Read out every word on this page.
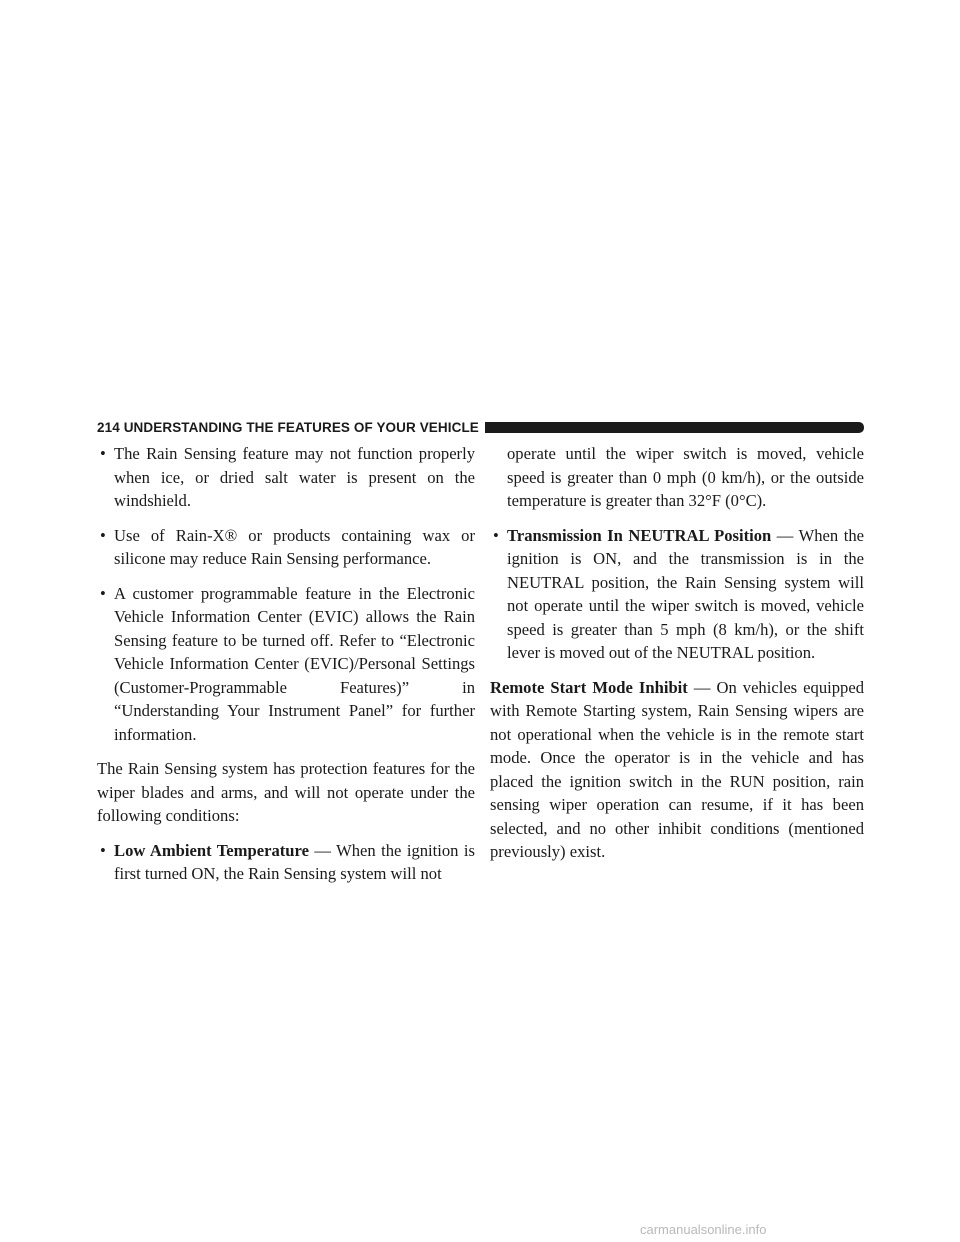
214 UNDERSTANDING THE FEATURES OF YOUR VEHICLE
• The Rain Sensing feature may not function properly when ice, or dried salt water is present on the windshield.

• Use of Rain-X® or products containing wax or silicone may reduce Rain Sensing performance.

• A customer programmable feature in the Electronic Vehicle Information Center (EVIC) allows the Rain Sensing feature to be turned off. Refer to “Electronic Vehicle Information Center (EVIC)/Personal Settings (Customer-Programmable Features)” in “Understanding Your Instrument Panel” for further information.

The Rain Sensing system has protection features for the wiper blades and arms, and will not operate under the following conditions:

• Low Ambient Temperature — When the ignition is first turned ON, the Rain Sensing system will not

operate until the wiper switch is moved, vehicle speed is greater than 0 mph (0 km/h), or the outside temperature is greater than 32°F (0°C).

• Transmission In NEUTRAL Position — When the ignition is ON, and the transmission is in the NEUTRAL position, the Rain Sensing system will not operate until the wiper switch is moved, vehicle speed is greater than 5 mph (8 km/h), or the shift lever is moved out of the NEUTRAL position.

Remote Start Mode Inhibit — On vehicles equipped with Remote Starting system, Rain Sensing wipers are not operational when the vehicle is in the remote start mode. Once the operator is in the vehicle and has placed the ignition switch in the RUN position, rain sensing wiper operation can resume, if it has been selected, and no other inhibit conditions (mentioned previously) exist.

carmanualsonline.info
